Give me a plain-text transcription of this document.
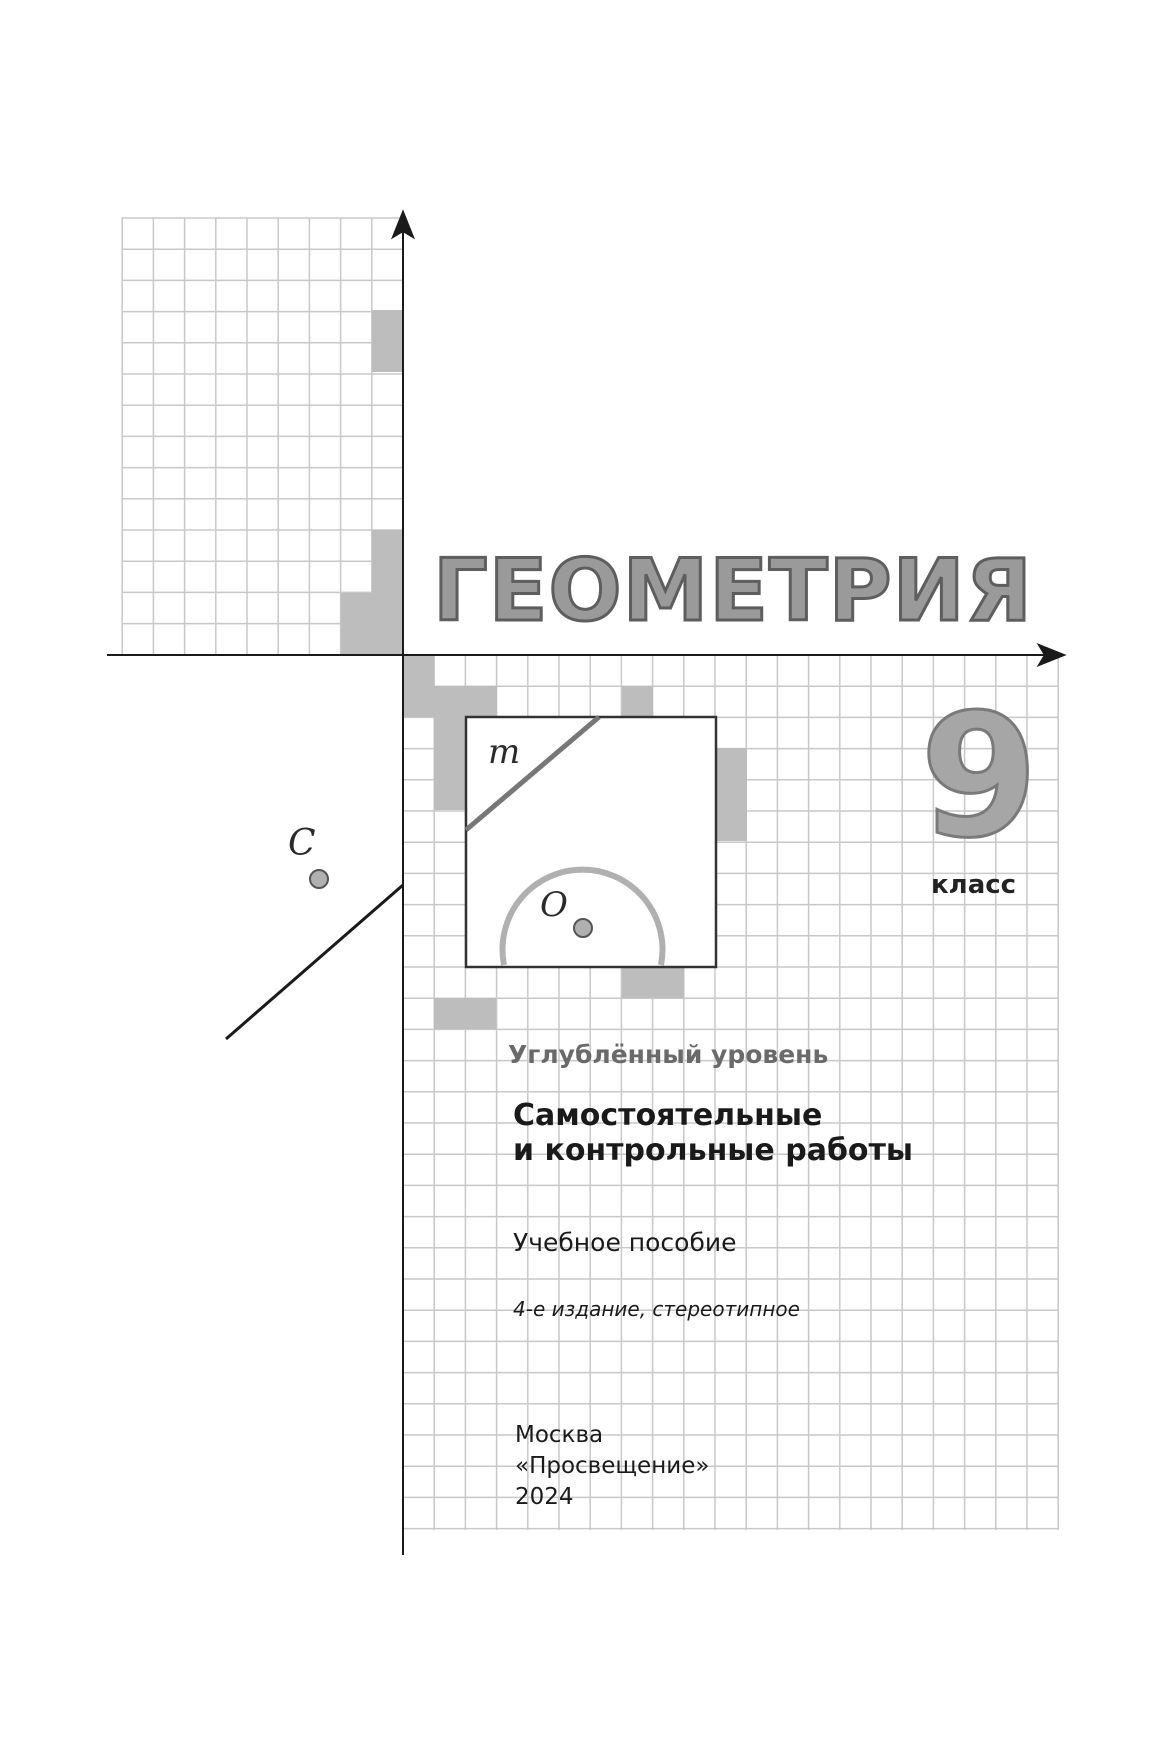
ГЕОМЕТРИЯ
9
класс
m
C
O
Углублённый уровень
Самостоятельные
и контрольные работы
Учебное пособие
4-е издание, стереотипное
Москва
«Просвещение»
2024
